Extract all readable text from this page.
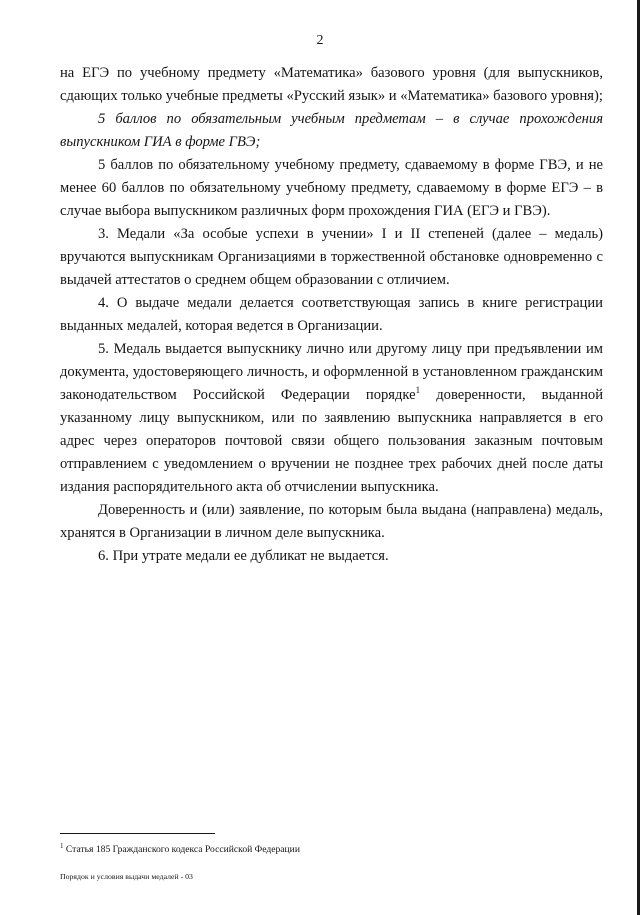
2

на ЕГЭ по учебному предмету «Математика» базового уровня (для выпускников, сдающих только учебные предметы «Русский язык» и «Математика» базового уровня);

5 баллов по обязательным учебным предметам – в случае прохождения выпускником ГИА в форме ГВЭ;

5 баллов по обязательному учебному предмету, сдаваемому в форме ГВЭ, и не менее 60 баллов по обязательному учебному предмету, сдаваемому в форме ЕГЭ – в случае выбора выпускником различных форм прохождения ГИА (ЕГЭ и ГВЭ).

3. Медали «За особые успехи в учении» I и II степеней (далее – медаль) вручаются выпускникам Организациями в торжественной обстановке одновременно с выдачей аттестатов о среднем общем образовании с отличием.

4. О выдаче медали делается соответствующая запись в книге регистрации выданных медалей, которая ведется в Организации.

5. Медаль выдается выпускнику лично или другому лицу при предъявлении им документа, удостоверяющего личность, и оформленной в установленном гражданским законодательством Российской Федерации порядке$^1$ доверенности, выданной указанному лицу выпускником, или по заявлению выпускника направляется в его адрес через операторов почтовой связи общего пользования заказным почтовым отправлением с уведомлением о вручении не позднее трех рабочих дней после даты издания распорядительного акта об отчислении выпускника.

Доверенность и (или) заявление, по которым была выдана (направлена) медаль, хранятся в Организации в личном деле выпускника.

6. При утрате медали ее дубликат не выдается.

$^1$ Статья 185 Гражданского кодекса Российской Федерации
Порядок и условия выдачи медалей - 03
